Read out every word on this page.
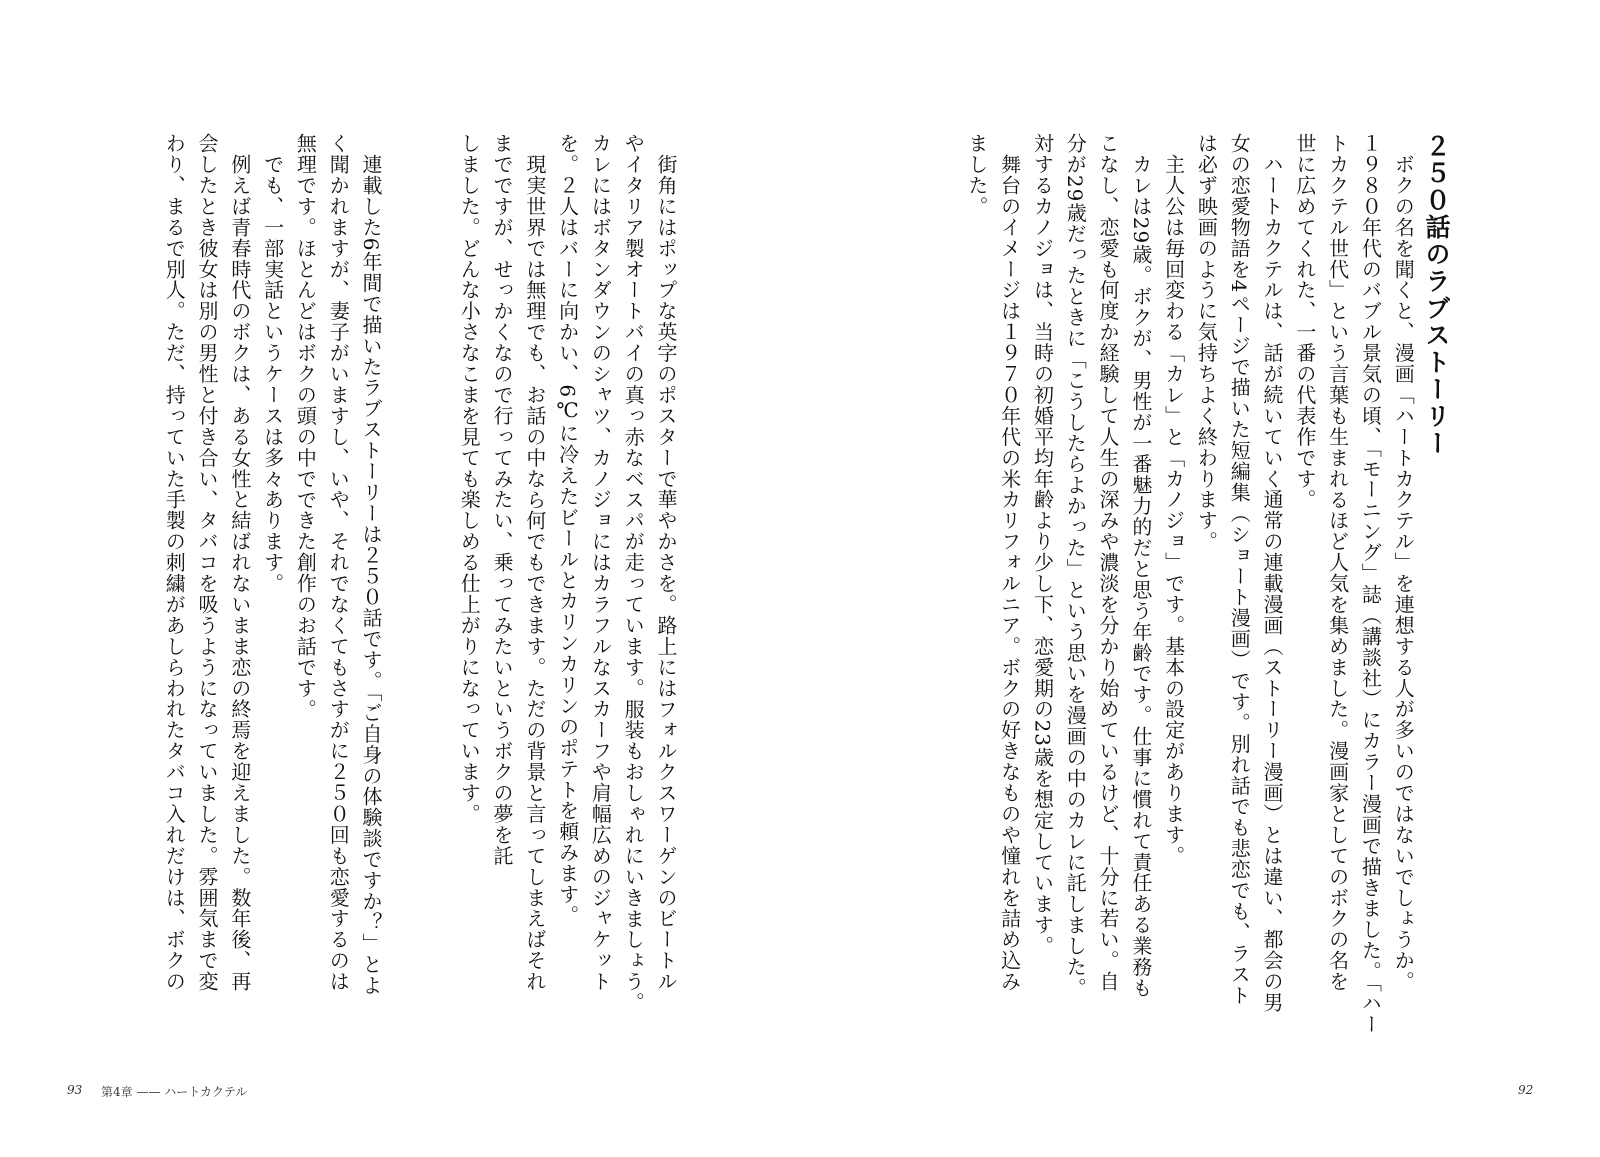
２５０話のラブストーリー

　ボクの名を聞くと、漫画「ハートカクテル」を連想する人が多いのではないでしょうか。

１９８０年代のバブル景気の頃、「モーニング」誌（講談社）にカラー漫画で描きました。「ハー

トカクテル世代」という言葉も生まれるほど人気を集めました。漫画家としてのボクの名を

世に広めてくれた、一番の代表作です。

　ハートカクテルは、話が続いていく通常の連載漫画（ストーリー漫画）とは違い、都会の男

女の恋愛物語を4ページで描いた短編集（ショート漫画）です。別れ話でも悲恋でも、ラスト

は必ず映画のように気持ちよく終わります。

　主人公は毎回変わる「カレ」と「カノジョ」です。基本の設定があります。

　カレは29歳。ボクが、男性が一番魅力的だと思う年齢です。仕事に慣れて責任ある業務も

こなし、恋愛も何度か経験して人生の深みや濃淡を分かり始めているけど、十分に若い。自

分が29歳だったときに「こうしたらよかった」という思いを漫画の中のカレに託しました。

対するカノジョは、当時の初婚平均年齢より少し下、恋愛期の23歳を想定しています。

　舞台のイメージは１９７０年代の米カリフォルニア。ボクの好きなものや憧れを詰め込み

ました。

　街角にはポップな英字のポスターで華やかさを。路上にはフォルクスワーゲンのビートル

やイタリア製オートバイの真っ赤なベスパが走っています。服装もおしゃれにいきましょう。

カレにはボタンダウンのシャツ、カノジョにはカラフルなスカーフや肩幅広めのジャケット

を。２人はバーに向かい、6℃に冷えたビールとカリンカリンのポテトを頼みます。

　現実世界では無理でも、お話の中なら何でもできます。ただの背景と言ってしまえばそれ

までですが、せっかくなので行ってみたい、乗ってみたいというボクの夢を託

しました。どんな小さなこまを見ても楽しめる仕上がりになっています。

　連載した6年間で描いたラブストーリーは２５０話です。「ご自身の体験談ですか？」とよ

く聞かれますが、妻子がいますし、いや、それでなくてもさすがに２５０回も恋愛するのは

無理です。ほとんどはボクの頭の中でできた創作のお話です。

　でも、一部実話というケースは多々あります。

　例えば青春時代のボクは、ある女性と結ばれないまま恋の終焉を迎えました。数年後、再

会したとき彼女は別の男性と付き合い、タバコを吸うようになっていました。雰囲気まで変

わり、まるで別人。ただ、持っていた手製の刺繍があしらわれたタバコ入れだけは、ボクの

93 第4章 —— ハートカクテル	92
